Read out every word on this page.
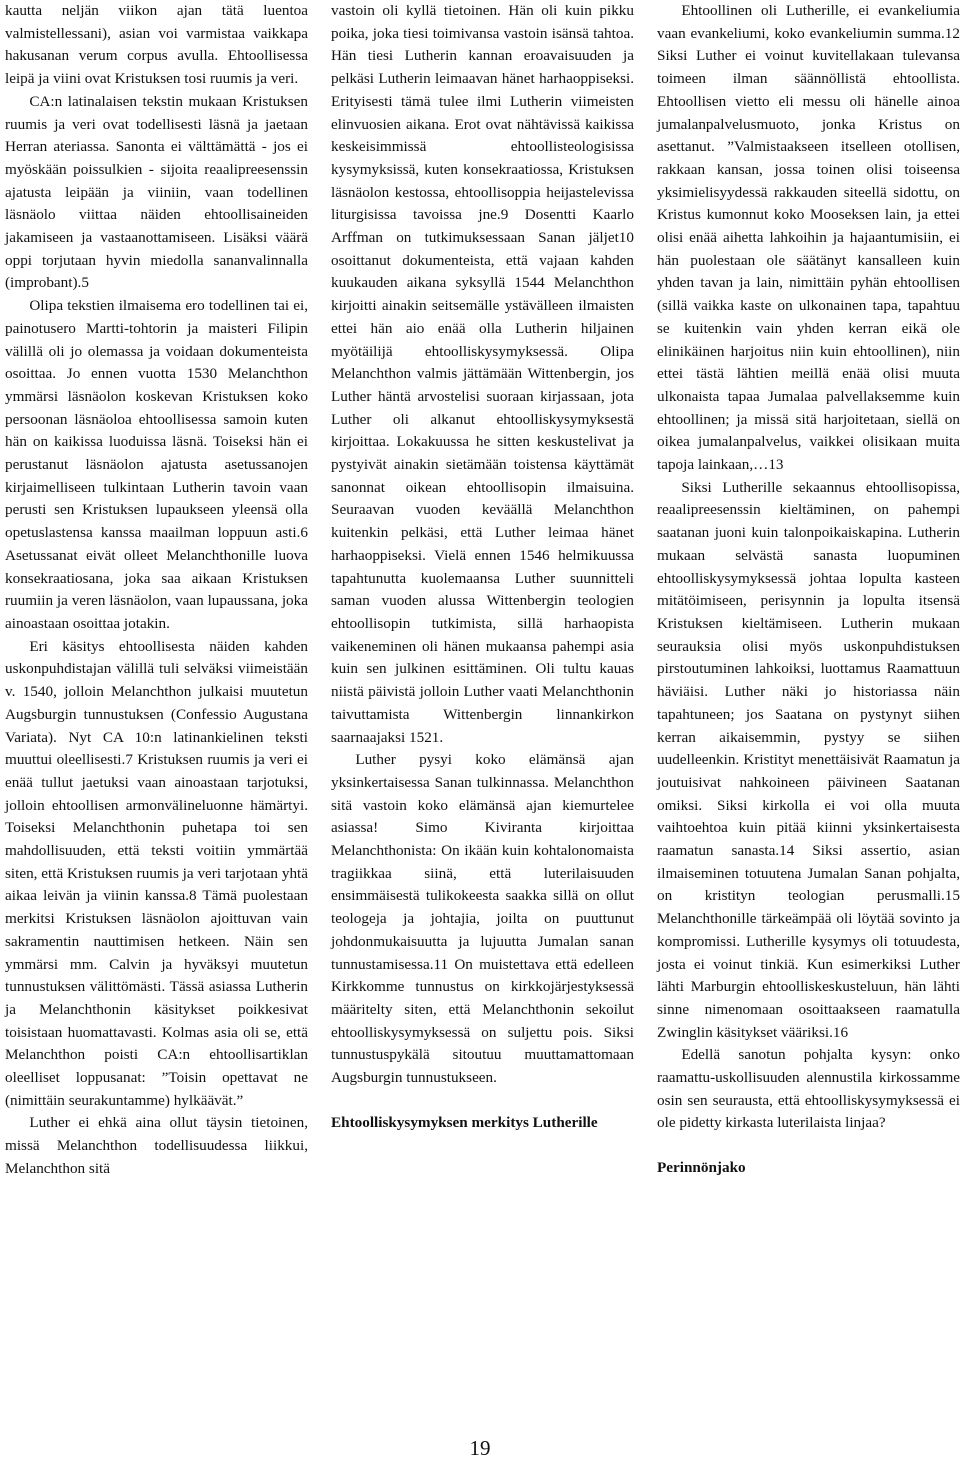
kautta neljän viikon ajan tätä luentoa valmistellessani), asian voi varmistaa vaikkapa hakusanan verum corpus avulla. Ehtoollisessa leipä ja viini ovat Kristuksen tosi ruumis ja veri.

CA:n latinalaisen tekstin mukaan Kristuksen ruumis ja veri ovat todellisesti läsnä ja jaetaan Herran ateriassa. Sanonta ei välttämättä - jos ei myöskään poissulkien - sijoita reaalipreesenssin ajatusta leipään ja viiniin, vaan todellinen läsnäolo viittaa näiden ehtoollisaineiden jakamiseen ja vastaanottamiseen. Lisäksi väärä oppi torjutaan hyvin miedolla sananvalinnalla (improbant).5

Olipa tekstien ilmaisema ero todellinen tai ei, painotusero Martti-tohtorin ja maisteri Filipin välillä oli jo olemassa ja voidaan dokumenteista osoittaa. Jo ennen vuotta 1530 Melanchthon ymmärsi läsnäolon koskevan Kristuksen koko persoonan läsnäoloa ehtoollisessa samoin kuten hän on kaikissa luoduissa läsnä. Toiseksi hän ei perustanut läsnäolon ajatusta asetussanojen kirjaimelliseen tulkintaan Lutherin tavoin vaan perusti sen Kristuksen lupaukseen yleensä olla opetuslastensa kanssa maailman loppuun asti.6 Asetussanat eivät olleet Melanchthonille luova konsekraatiosana, joka saa aikaan Kristuksen ruumiin ja veren läsnäolon, vaan lupaussana, joka ainoastaan osoittaa jotakin.

Eri käsitys ehtoollisesta näiden kahden uskonpuhdistajan välillä tuli selväksi viimeistään v. 1540, jolloin Melanchthon julkaisi muutetun Augsburgin tunnustuksen (Confessio Augustana Variata). Nyt CA 10:n latinankielinen teksti muuttui oleellisesti.7 Kristuksen ruumis ja veri ei enää tullut jaetuksi vaan ainoastaan tarjotuksi, jolloin ehtoollisen armonvälineluonne hämärtyi. Toiseksi Melanchthonin puhetapa toi sen mahdollisuuden, että teksti voitiin ymmärtää siten, että Kristuksen ruumis ja veri tarjotaan yhtä aikaa leivän ja viinin kanssa.8 Tämä puolestaan merkitsi Kristuksen läsnäolon ajoittuvan vain sakramentin nauttimisen hetkeen. Näin sen ymmärsi mm. Calvin ja hyväksyi muutetun tunnustuksen välittömästi. Tässä asiassa Lutherin ja Melanchthonin käsitykset poikkesivat toisistaan huomattavasti. Kolmas asia oli se, että Melanchthon poisti CA:n ehtoollisartiklan oleelliset loppusanat: ”Toisin opettavat ne (nimittäin seurakuntamme) hylkäävät.”

Luther ei ehkä aina ollut täysin tietoinen, missä Melanchthon todellisuudessa liikkui, Melanchthon sitä

vastoin oli kyllä tietoinen. Hän oli kuin pikku poika, joka tiesi toimivansa vastoin isänsä tahtoa. Hän tiesi Lutherin kannan eroavaisuuden ja pelkäsi Lutherin leimaavan hänet harhaoppiseksi. Erityisesti tämä tulee ilmi Lutherin viimeisten elinvuosien aikana. Erot ovat nähtävissä kaikissa keskeisimmissä ehtoollisteologisissa kysymyksissä, kuten konsekraatiossa, Kristuksen läsnäolon kestossa, ehtoollisoppia heijastelevissa liturgisissa tavoissa jne.9 Dosentti Kaarlo Arffman on tutkimuksessaan Sanan jäljet10 osoittanut dokumenteista, että vajaan kahden kuukauden aikana syksyllä 1544 Melanchthon kirjoitti ainakin seitsemälle ystävälleen ilmaisten ettei hän aio enää olla Lutherin hiljainen myötäilijä ehtoolliskysymyksessä. Olipa Melanchthon valmis jättämään Wittenbergin, jos Luther häntä arvostelisi suoraan kirjassaan, jota Luther oli alkanut ehtoolliskysymyksestä kirjoittaa. Lokakuussa he sitten keskustelivat ja pystyivät ainakin sietämään toistensa käyttämät sanonnat oikean ehtoollisopin ilmaisuina. Seuraavan vuoden keväällä Melanchthon kuitenkin pelkäsi, että Luther leimaa hänet harhaoppiseksi. Vielä ennen 1546 helmikuussa tapahtunutta kuolemaansa Luther suunnitteli saman vuoden alussa Wittenbergin teologien ehtoollisopin tutkimista, sillä harhaopista vaikeneminen oli hänen mukaansa pahempi asia kuin sen julkinen esittäminen. Oli tultu kauas niistä päivistä jolloin Luther vaati Melanchthonin taivuttamista Wittenbergin linnankirkon saarnaajaksi 1521.

Luther pysyi koko elämänsä ajan yksinkertaisessa Sanan tulkinnassa. Melanchthon sitä vastoin koko elämänsä ajan kiemurtelee asiassa! Simo Kiviranta kirjoittaa Melanchthonista: On ikään kuin kohtalonomaista tragiikkaa siinä, että luterilaisuuden ensimmäisestä tulikokeesta saakka sillä on ollut teologeja ja johtajia, joilta on puuttunut johdonmukaisuutta ja lujuutta Jumalan sanan tunnustamisessa.11 On muistettava että edelleen Kirkkomme tunnustus on kirkkojärjestyksessä määritelty siten, että Melanchthonin sekoilut ehtoolliskysymyksessä on suljettu pois. Siksi tunnustuspykälä sitoutuu muuttamattomaan Augsburgin tunnustukseen.

Ehtoolliskysymyksen merkitys Lutherille

Ehtoollinen oli Lutherille, ei evankeliumia vaan evankeliumi, koko evankeliumin summa.12 Siksi Luther ei voinut kuvitellakaan tulevansa toimeen ilman säännöllistä ehtoollista. Ehtoollisen vietto eli messu oli hänelle ainoa jumalanpalvelusmuoto, jonka Kristus on asettanut. ”Valmistaakseen itselleen otollisen, rakkaan kansan, jossa toinen olisi toiseensa yksimielisyydessä rakkauden siteellä sidottu, on Kristus kumonnut koko Mooseksen lain, ja ettei olisi enää aihetta lahkoihin ja hajaantumisiin, ei hän puolestaan ole säätänyt kansalleen kuin yhden tavan ja lain, nimittäin pyhän ehtoollisen (sillä vaikka kaste on ulkonainen tapa, tapahtuu se kuitenkin vain yhden kerran eikä ole elinikäinen harjoitus niin kuin ehtoollinen), niin ettei tästä lähtien meillä enää olisi muuta ulkonaista tapaa Jumalaa palvellaksemme kuin ehtoollinen; ja missä sitä harjoitetaan, siellä on oikea jumalanpalvelus, vaikkei olisikaan muita tapoja lainkaan,…13

Siksi Lutherille sekaannus ehtoollisopissa, reaalipreesenssin kieltäminen, on pahempi saatanan juoni kuin talonpoikaiskapina. Lutherin mukaan selvästä sanasta luopuminen ehtoolliskysymyksessä johtaa lopulta kasteen mitätöimiseen, perisynnin ja lopulta itsensä Kristuksen kieltämiseen. Lutherin mukaan seurauksia olisi myös uskonpuhdistuksen pirstoutuminen lahkoiksi, luottamus Raamattuun häviäisi. Luther näki jo historiassa näin tapahtuneen; jos Saatana on pystynyt siihen kerran aikaisemmin, pystyy se siihen uudelleenkin. Kristityt menettäisivät Raamatun ja joutuisivat nahkoineen päivineen Saatanan omiksi. Siksi kirkolla ei voi olla muuta vaihtoehtoa kuin pitää kiinni yksinkertaisesta raamatun sanasta.14 Siksi assertio, asian ilmaiseminen totuutena Jumalan Sanan pohjalta, on kristityn teologian perusmalli.15 Melanchthonille tärkeämpää oli löytää sovinto ja kompromissi. Lutherille kysymys oli totuudesta, josta ei voinut tinkiä. Kun esimerkiksi Luther lähti Marburgin ehtoolliskeskusteluun, hän lähti sinne nimenomaan osoittaakseen raamatulla Zwinglin käsitykset vääriksi.16

Edellä sanotun pohjalta kysyn: onko raamattu-uskollisuuden alennustila kirkossamme osin sen seurausta, että ehtoolliskysymyksessä ei ole pidetty kirkasta luterilaista linjaa?

Perinnönjako

19
